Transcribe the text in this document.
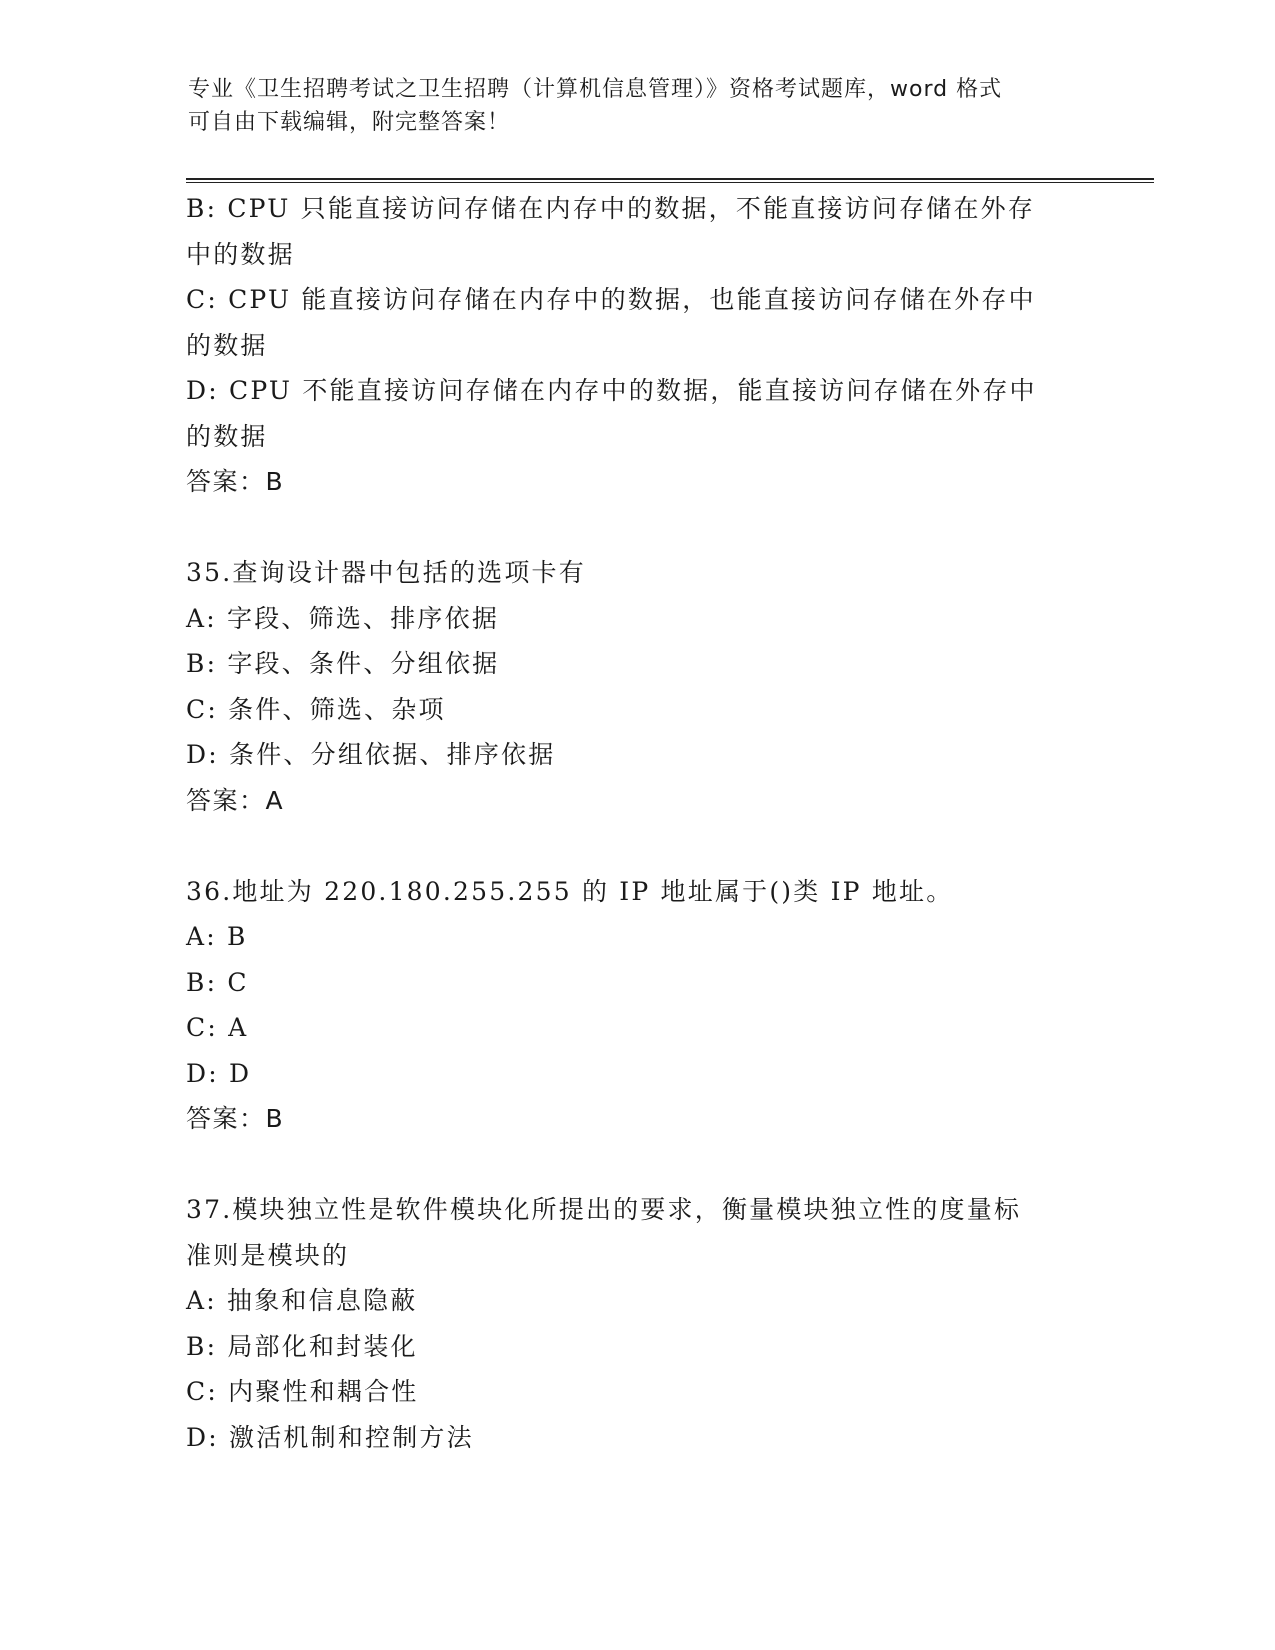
专业《卫生招聘考试之卫生招聘（计算机信息管理）》资格考试题库，word 格式
可自由下载编辑，附完整答案！
B: CPU 只能直接访问存储在内存中的数据，不能直接访问存储在外存
中的数据
C: CPU 能直接访问存储在内存中的数据，也能直接访问存储在外存中
的数据
D: CPU 不能直接访问存储在内存中的数据，能直接访问存储在外存中
的数据
答案：B
35.查询设计器中包括的选项卡有
A: 字段、筛选、排序依据
B: 字段、条件、分组依据
C: 条件、筛选、杂项
D: 条件、分组依据、排序依据
答案：A
36.地址为 220.180.255.255 的 IP 地址属于()类 IP 地址。
A: B
B: C
C: A
D: D
答案：B
37.模块独立性是软件模块化所提出的要求，衡量模块独立性的度量标
准则是模块的
A: 抽象和信息隐蔽
B: 局部化和封装化
C: 内聚性和耦合性
D: 激活机制和控制方法
